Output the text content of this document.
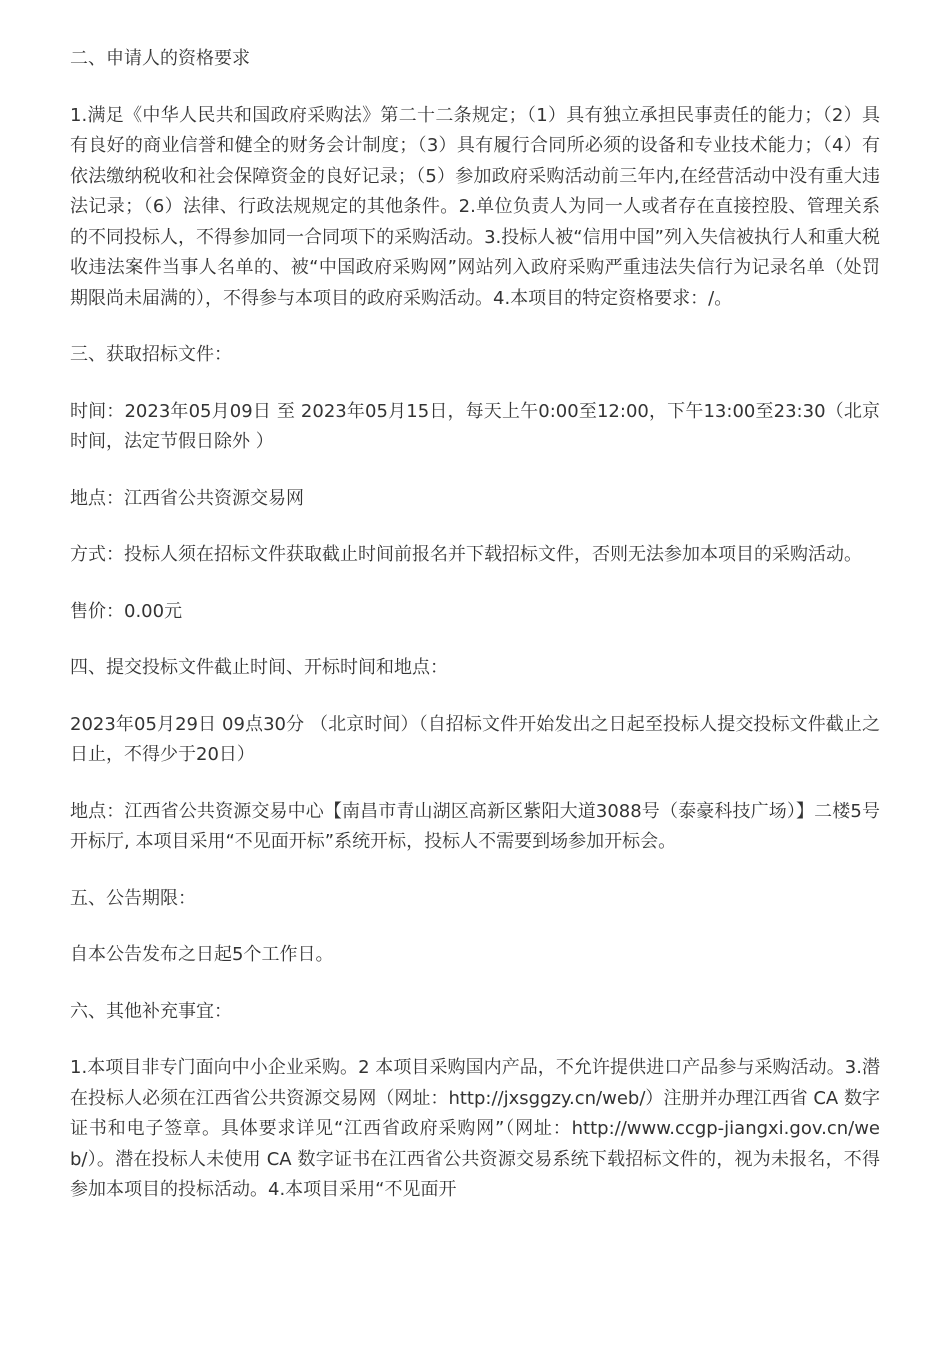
二、申请人的资格要求

1.满足《中华人民共和国政府采购法》第二十二条规定；（1）具有独立承担民事责任的能力；（2）具有良好的商业信誉和健全的财务会计制度；（3）具有履行合同所必须的设备和专业技术能力；（4）有依法缴纳税收和社会保障资金的良好记录；（5）参加政府采购活动前三年内,在经营活动中没有重大违法记录；（6）法律、行政法规规定的其他条件。2.单位负责人为同一人或者存在直接控股、管理关系的不同投标人，不得参加同一合同项下的采购活动。3.投标人被“信用中国”列入失信被执行人和重大税收违法案件当事人名单的、被“中国政府采购网”网站列入政府采购严重违法失信行为记录名单（处罚期限尚未届满的），不得参与本项目的政府采购活动。4.本项目的特定资格要求：/。

三、获取招标文件：

时间：2023年05月09日 至 2023年05月15日，每天上午0:00至12:00，下午13:00至23:30（北京时间，法定节假日除外 ）

地点：江西省公共资源交易网

方式：投标人须在招标文件获取截止时间前报名并下载招标文件，否则无法参加本项目的采购活动。

售价：0.00元

四、提交投标文件截止时间、开标时间和地点：

2023年05月29日 09点30分 （北京时间）（自招标文件开始发出之日起至投标人提交投标文件截止之日止，不得少于20日）

地点：江西省公共资源交易中心【南昌市青山湖区高新区紫阳大道3088号（泰豪科技广场）】二楼5号开标厅, 本项目采用“不见面开标”系统开标，投标人不需要到场参加开标会。

五、公告期限：

自本公告发布之日起5个工作日。

六、其他补充事宜：

1.本项目非专门面向中小企业采购。2 本项目采购国内产品，不允许提供进口产品参与采购活动。3.潜在投标人必须在江西省公共资源交易网（网址：http://jxsggzy.cn/web/）注册并办理江西省 CA 数字证书和电子签章。具体要求详见“江西省政府采购网”（网址：http://www.ccgp-jiangxi.gov.cn/web/）。潜在投标人未使用 CA 数字证书在江西省公共资源交易系统下载招标文件的，视为未报名，不得参加本项目的投标活动。4.本项目采用“不见面开
